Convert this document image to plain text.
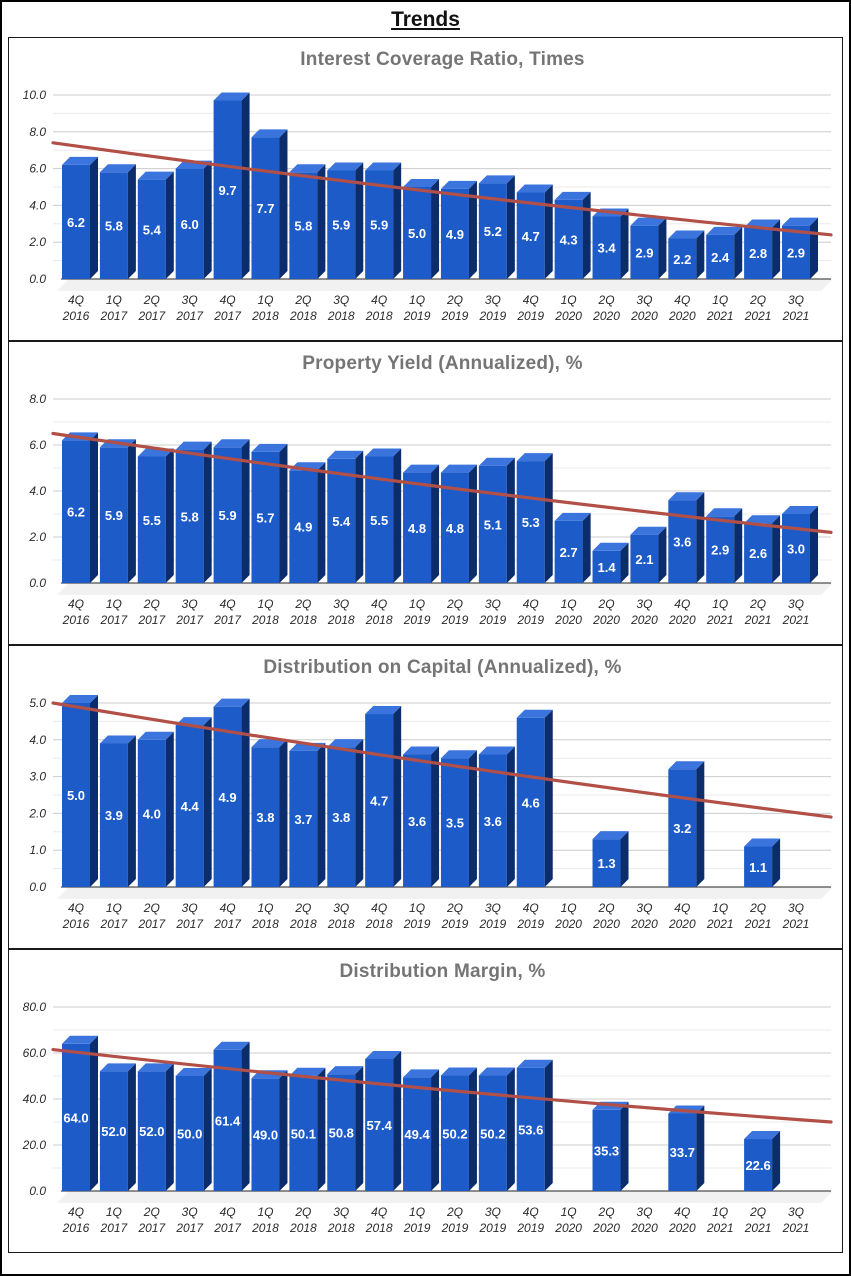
Trends
Interest Coverage Ratio, Times
0.0
2.0
4.0
6.0
8.0
10.0
6.2
4Q
2016
5.8
1Q
2017
5.4
2Q
2017
6.0
3Q
2017
9.7
4Q
2017
7.7
1Q
2018
5.8
2Q
2018
5.9
3Q
2018
5.9
4Q
2018
5.0
1Q
2019
4.9
2Q
2019
5.2
3Q
2019
4.7
4Q
2019
4.3
1Q
2020
3.4
2Q
2020
2.9
3Q
2020
2.2
4Q
2020
2.4
1Q
2021
2.8
2Q
2021
2.9
3Q
2021
Property Yield (Annualized), %
0.0
2.0
4.0
6.0
8.0
6.2
4Q
2016
5.9
1Q
2017
5.5
2Q
2017
5.8
3Q
2017
5.9
4Q
2017
5.7
1Q
2018
4.9
2Q
2018
5.4
3Q
2018
5.5
4Q
2018
4.8
1Q
2019
4.8
2Q
2019
5.1
3Q
2019
5.3
4Q
2019
2.7
1Q
2020
1.4
2Q
2020
2.1
3Q
2020
3.6
4Q
2020
2.9
1Q
2021
2.6
2Q
2021
3.0
3Q
2021
Distribution on Capital (Annualized), %
0.0
1.0
2.0
3.0
4.0
5.0
5.0
4Q
2016
3.9
1Q
2017
4.0
2Q
2017
4.4
3Q
2017
4.9
4Q
2017
3.8
1Q
2018
3.7
2Q
2018
3.8
3Q
2018
4.7
4Q
2018
3.6
1Q
2019
3.5
2Q
2019
3.6
3Q
2019
4.6
4Q
2019
1Q
2020
1.3
2Q
2020
3Q
2020
3.2
4Q
2020
1Q
2021
1.1
2Q
2021
3Q
2021
Distribution Margin, %
0.0
20.0
40.0
60.0
80.0
64.0
4Q
2016
52.0
1Q
2017
52.0
2Q
2017
50.0
3Q
2017
61.4
4Q
2017
49.0
1Q
2018
50.1
2Q
2018
50.8
3Q
2018
57.4
4Q
2018
49.4
1Q
2019
50.2
2Q
2019
50.2
3Q
2019
53.6
4Q
2019
1Q
2020
35.3
2Q
2020
3Q
2020
33.7
4Q
2020
1Q
2021
22.6
2Q
2021
3Q
2021
